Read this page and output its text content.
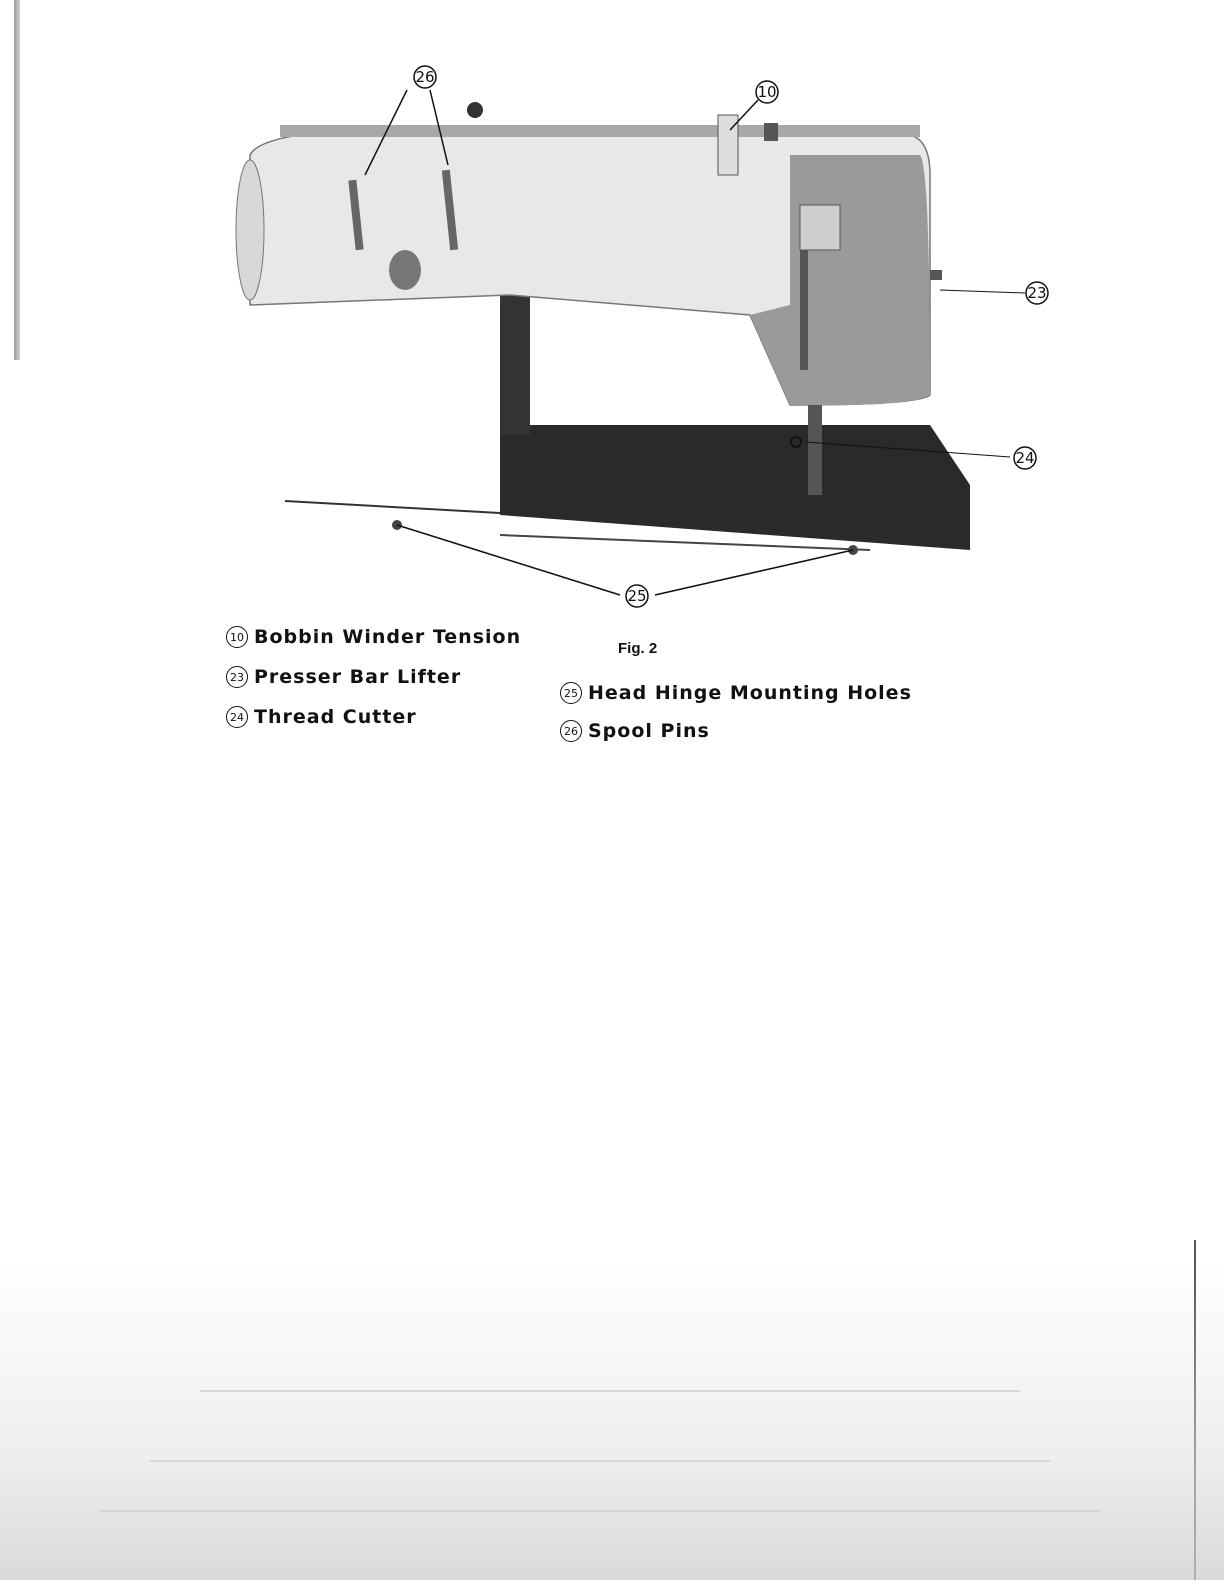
26
10
23
24
25
10 Bobbin Winder Tension
23 Presser Bar Lifter
24 Thread Cutter
25 Head Hinge Mounting Holes
26 Spool Pins
Fig. 2
